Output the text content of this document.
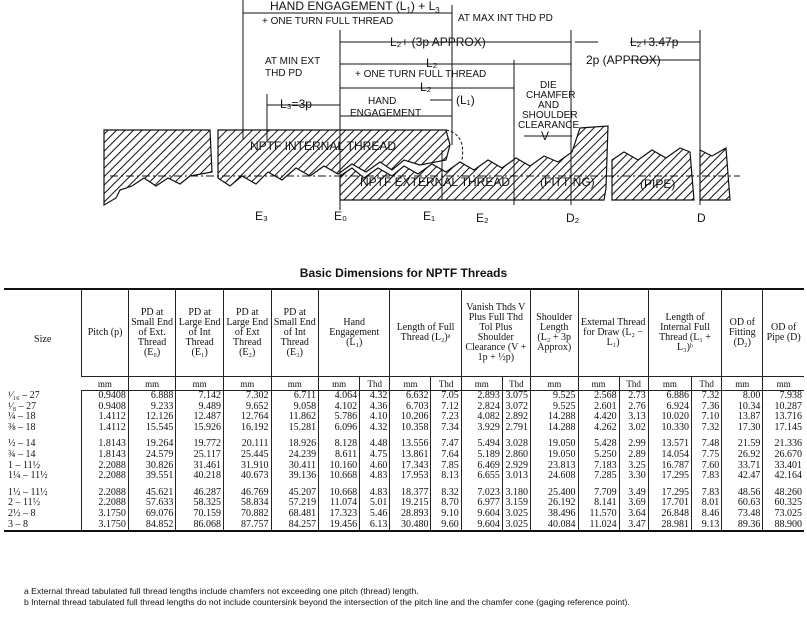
HAND ENGAGEMENT $(L_1) + L_3$
+ ONE TURN FULL THREAD	AT MAX INT THD PD
L₂+ (3p APPROX)	L₂+3.47p
AT MIN EXT
THD PD
L₂
+ ONE TURN FULL THREAD
2p (APPROX)
L₂
L₃=3p	HAND
ENGAGEMENT
(L₁)
DIE
CHAMFER
AND
SHOULDER
CLEARANCE
V
NPTF INTERNAL THREAD
NPTF EXTERNAL THREAD (FITTING)	(PIPE)
E₃	E₀	E₁	E₂	D₂	D
Basic Dimensions for NPTF Threads
Size	Pitch (p)	PD at Small End of Ext. Thread (E₀)	PD at Large End of Int Thread (E₁)	PD at Large End of Ext Thread (E₂)	PD at Small End of Int Thread (E₃)	Hand Engagement (L₁)		Length of Full Thread (L₂)ᵃ		Vanish Thds V Plus Full Thd Tol Plus Shoulder Clearance (V + 1p + ½p)		Shoulder Length (L₂ + 3p Approx)	External Thread for Draw (L₂ − L₁)		Length of Internal Full Thread (L₁ + L₃)ᵇ		OD of Fitting (D₂)	OD of Pipe (D)
	mm	mm	mm	mm	mm	mm	Thd	mm	Thd	mm	Thd	mm	mm	Thd	mm	Thd	mm	mm
¹⁄₁₆ – 27	0.9408	6.888	7.142	7.302	6.711	4.064	4.32	6.632	7.05	2.893	3.075	9.525	2.568	2.73	6.886	7.32	8.00	7.938
¹⁄₈ – 27	0.9408	9.233	9.489	9.652	9.058	4.102	4.36	6.703	7.12	2.824	3.072	9.525	2.601	2.76	6.924	7.36	10.34	10.287
¼ – 18	1.4112	12.126	12.487	12.764	11.862	5.786	4.10	10.206	7.23	4.082	2.892	14.288	4.420	3.13	10.020	7.10	13.87	13.716
⅜ – 18	1.4112	15.545	15.926	16.192	15.281	6.096	4.32	10.358	7.34	3.929	2.791	14.288	4.262	3.02	10.330	7.32	17.30	17.145

½ – 14	1.8143	19.264	19.772	20.111	18.926	8.128	4.48	13.556	7.47	5.494	3.028	19.050	5.428	2.99	13.571	7.48	21.59	21.336
¾ – 14	1.8143	24.579	25.117	25.445	24.239	8.611	4.75	13.861	7.64	5.189	2.860	19.050	5.250	2.89	14.054	7.75	26.92	26.670
1 – 11½	2.2088	30.826	31.461	31.910	30.411	10.160	4.60	17.343	7.85	6.469	2.929	23.813	7.183	3.25	16.787	7.60	33.71	33.401
1¼ – 11½	2.2088	39.551	40.218	40.673	39.136	10.668	4.83	17.953	8.13	6.655	3.013	24.608	7.285	3.30	17.295	7.83	42.47	42.164

1½ – 11½	2.2088	45.621	46.287	46.769	45.207	10.668	4.83	18.377	8.32	7.023	3.180	25.400	7.709	3.49	17.295	7.83	48.56	48.260
2 – 11½	2.2088	57.633	58.325	58.834	57.219	11.074	5.01	19.215	8.70	6.977	3.159	26.192	8.141	3.69	17.701	8.01	60.63	60.325
2½ – 8	3.1750	69.076	70.159	70.882	68.481	17.323	5.46	28.893	9.10	9.604	3.025	38.496	11.570	3.64	26.848	8.46	73.48	73.025
3 – 8	3.1750	84.852	86.068	87.757	84.257	19.456	6.13	30.480	9.60	9.604	3.025	40.084	11.024	3.47	28.981	9.13	89.36	88.900
a External thread tabulated full thread lengths include chamfers not exceeding one pitch (thread) length.
b Internal thread tabulated full thread lengths do not include countersink beyond the intersection of the pitch line and the chamfer cone (gaging reference point).
